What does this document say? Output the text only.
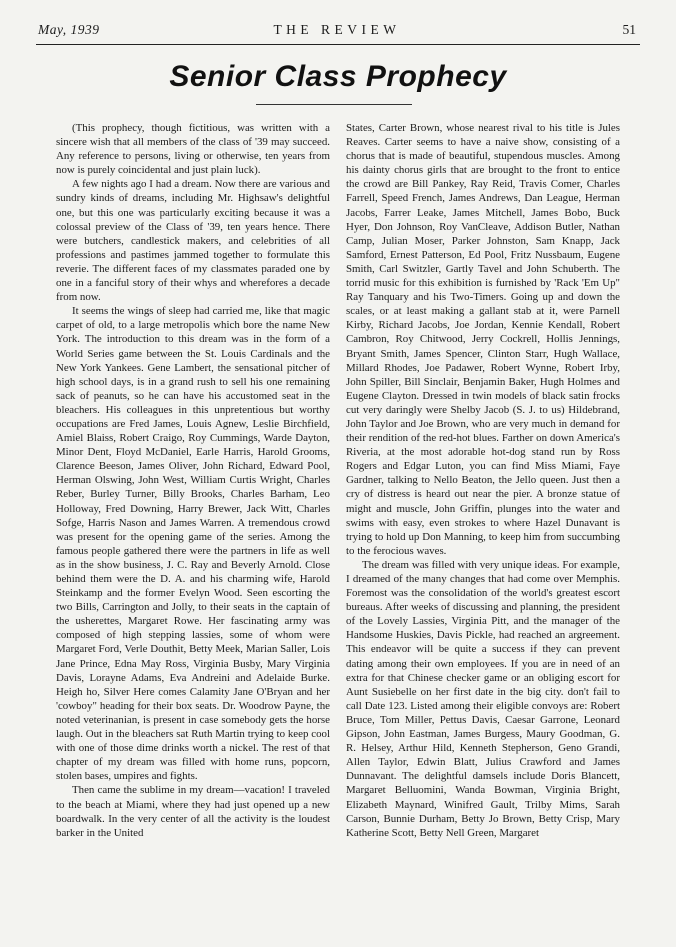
May, 1939	THE REVIEW	51
Senior Class Prophecy

(This prophecy, though fictitious, was written with a sincere wish that all members of the class of '39 may succeed. Any reference to persons, living or otherwise, ten years from now is purely coincidental and just plain luck).

A few nights ago I had a dream. Now there are various and sundry kinds of dreams, including Mr. Highsaw's delightful one, but this one was particularly exciting because it was a colossal preview of the Class of '39, ten years hence. There were butchers, candlestick makers, and celebrities of all professions and pastimes jammed together to formulate this reverie. The different faces of my classmates paraded one by one in a fanciful story of their whys and wherefores a decade from now.

It seems the wings of sleep had carried me, like that magic carpet of old, to a large metropolis which bore the name New York. The introduction to this dream was in the form of a World Series game between the St. Louis Cardinals and the New York Yankees. Gene Lambert, the sensational pitcher of high school days, is in a grand rush to sell his one remaining sack of peanuts, so he can have his accustomed seat in the bleachers. His colleagues in this unpretentious but worthy occupations are Fred James, Louis Agnew, Leslie Birchfield, Amiel Blaiss, Robert Craigo, Roy Cummings, Warde Dayton, Minor Dent, Floyd McDaniel, Earle Harris, Harold Grooms, Clarence Beeson, James Oliver, John Richard, Edward Pool, Herman Olswing, John West, William Curtis Wright, Charles Reber, Burley Turner, Billy Brooks, Charles Barham, Leo Holloway, Fred Downing, Harry Brewer, Jack Witt, Charles Sofge, Harris Nason and James Warren. A tremendous crowd was present for the opening game of the series. Among the famous people gathered there were the partners in life as well as in the show business, J. C. Ray and Beverly Arnold. Close behind them were the D. A. and his charming wife, Harold Steinkamp and the former Evelyn Wood. Seen escorting the two Bills, Carrington and Jolly, to their seats in the captain of the usherettes, Margaret Rowe. Her fascinating army was composed of high stepping lassies, some of whom were Margaret Ford, Verle Douthit, Betty Meek, Marian Saller, Lois Jane Prince, Edna May Ross, Virginia Busby, Mary Virginia Davis, Lorayne Adams, Eva Andreini and Adelaide Burke. Heigh ho, Silver Here comes Calamity Jane O'Bryan and her 'cowboy" heading for their box seats. Dr. Woodrow Payne, the noted veterinanian, is present in case somebody gets the horse laugh. Out in the bleachers sat Ruth Martin trying to keep cool with one of those dime drinks worth a nickel. The rest of that chapter of my dream was filled with home runs, popcorn, stolen bases, umpires and fights.

Then came the sublime in my dream—vacation! I traveled to the beach at Miami, where they had just opened up a new boardwalk. In the very center of all the activity is the loudest barker in the United

States, Carter Brown, whose nearest rival to his title is Jules Reaves. Carter seems to have a naive show, consisting of a chorus that is made of beautiful, stupendous muscles. Among his dainty chorus girls that are brought to the front to entice the crowd are Bill Pankey, Ray Reid, Travis Comer, Charles Farrell, Speed French, James Andrews, Dan League, Herman Jacobs, Farrer Leake, James Mitchell, James Bobo, Buck Hyer, Don Johnson, Roy VanCleave, Addison Butler, Nathan Camp, Julian Moser, Parker Johnston, Sam Knapp, Jack Samford, Ernest Patterson, Ed Pool, Fritz Nussbaum, Eugene Smith, Carl Switzler, Gartly Tavel and John Schuberth. The torrid music for this exhibition is furnished by 'Rack 'Em Up" Ray Tanquary and his Two-Timers. Going up and down the scales, or at least making a gallant stab at it, were Parnell Kirby, Richard Jacobs, Joe Jordan, Kennie Kendall, Robert Cambron, Roy Chitwood, Jerry Cockrell, Hollis Jennings, Bryant Smith, James Spencer, Clinton Starr, Hugh Wallace, Millard Rhodes, Joe Padawer, Robert Wynne, Robert Irby, John Spiller, Bill Sinclair, Benjamin Baker, Hugh Holmes and Eugene Clayton. Dressed in twin models of black satin frocks cut very daringly were Shelby Jacob (S. J. to us) Hildebrand, John Taylor and Joe Brown, who are very much in demand for their rendition of the red-hot blues. Farther on down America's Riveria, at the most adorable hot-dog stand run by Ross Rogers and Edgar Luton, you can find Miss Miami, Faye Gardner, talking to Nello Beaton, the Jello queen. Just then a cry of distress is heard out near the pier. A bronze statue of might and muscle, John Griffin, plunges into the water and swims with easy, even strokes to where Hazel Dunavant is trying to hold up Don Manning, to keep him from succumbing to the ferocious waves.

The dream was filled with very unique ideas. For example, I dreamed of the many changes that had come over Memphis. Foremost was the consolidation of the world's greatest escort bureaus. After weeks of discussing and planning, the president of the Lovely Lassies, Virginia Pitt, and the manager of the Handsome Huskies, Davis Pickle, had reached an argreement. This endeavor will be quite a success if they can prevent dating among their own employees. If you are in need of an extra for that Chinese checker game or an obliging escort for Aunt Susiebelle on her first date in the big city. don't fail to call Date 123. Listed among their eligible convoys are: Robert Bruce, Tom Miller, Pettus Davis, Caesar Garrone, Leonard Gipson, John Eastman, James Burgess, Maury Goodman, G. R. Helsey, Arthur Hild, Kenneth Stepherson, Geno Grandi, Allen Taylor, Edwin Blatt, Julius Crawford and James Dunnavant. The delightful damsels include Doris Blancett, Margaret Belluomini, Wanda Bowman, Virginia Bright, Elizabeth Maynard, Winifred Gault, Trilby Mims, Sarah Carson, Bunnie Durham, Betty Jo Brown, Betty Crisp, Mary Katherine Scott, Betty Nell Green, Margaret
